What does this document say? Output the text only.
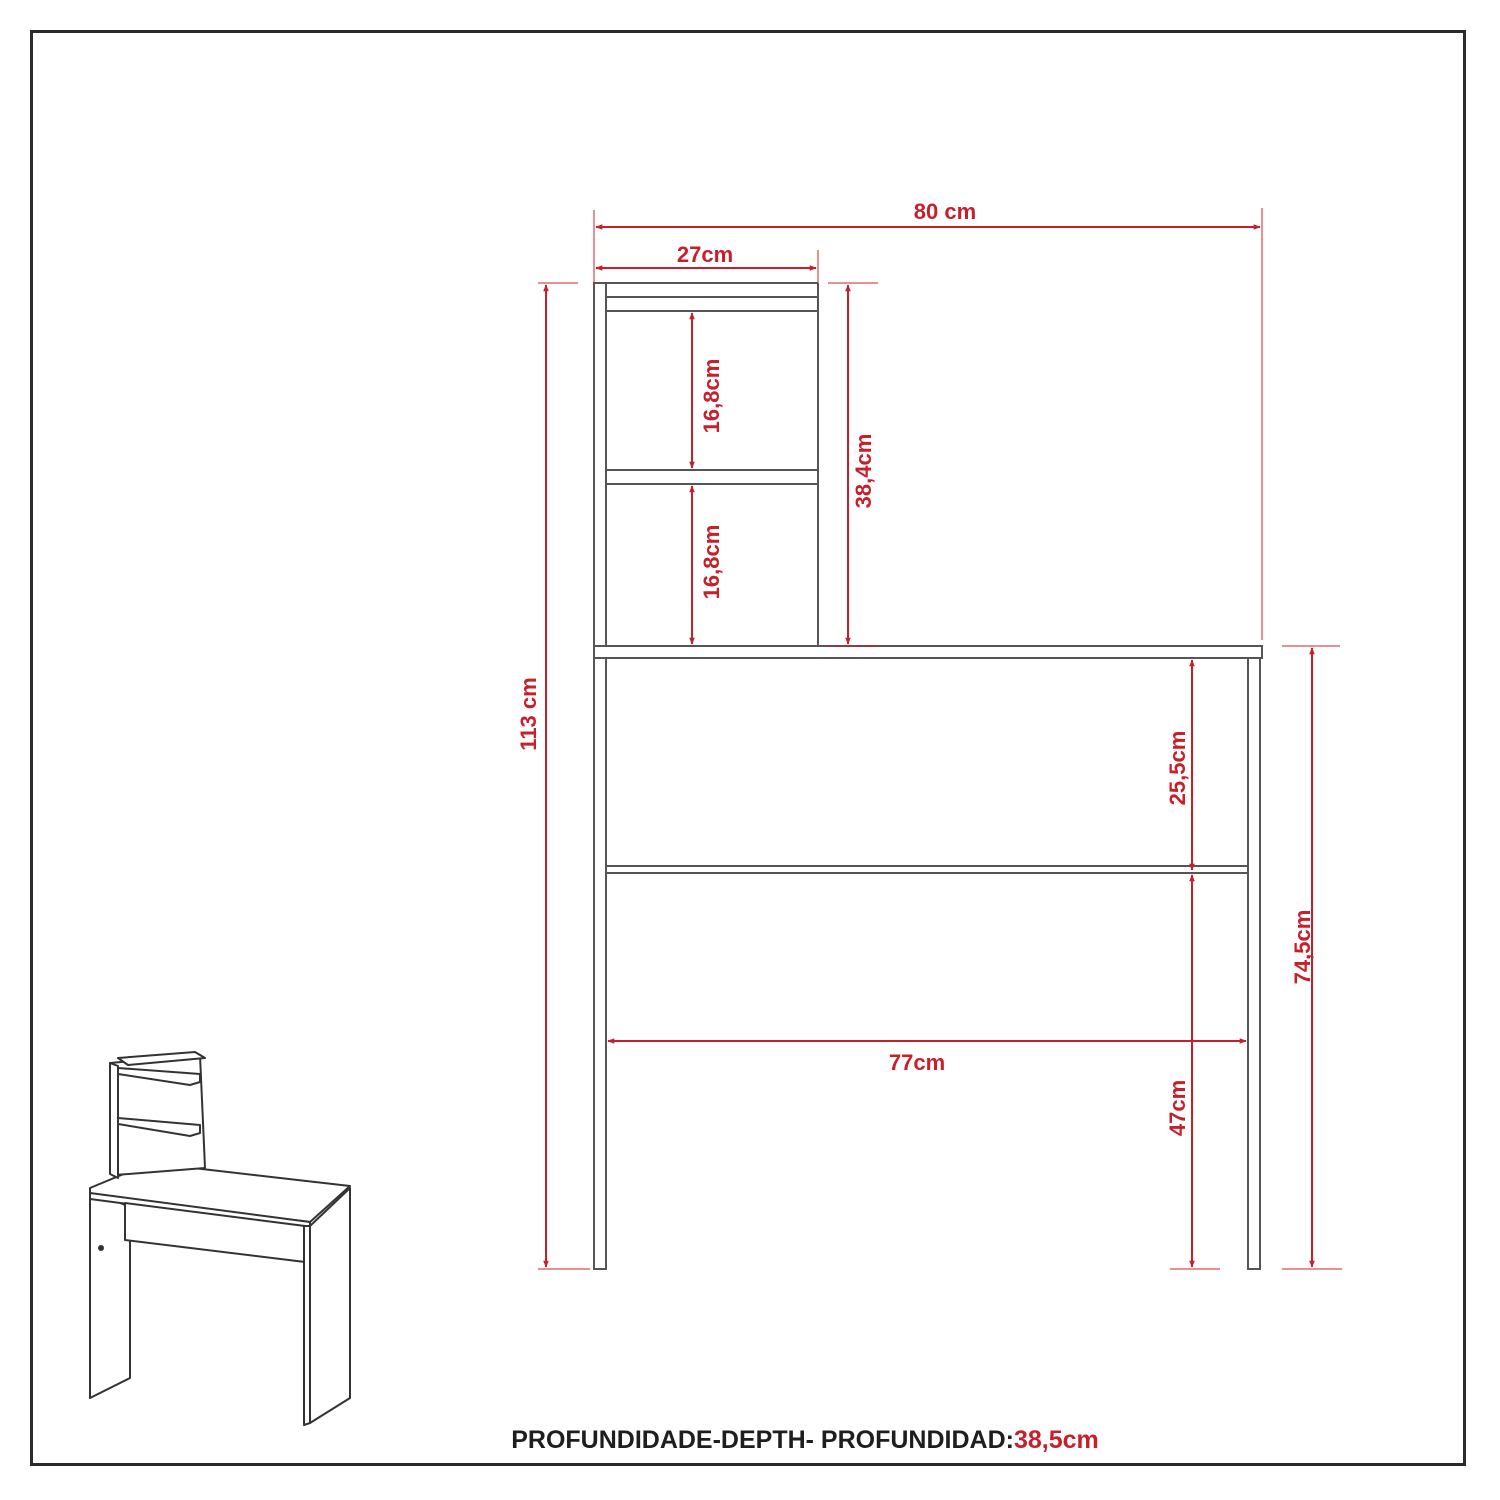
80 cm
27cm
113 cm
16,8cm
16,8cm
38,4cm
25,5cm
74,5cm
77cm
47cm
PROFUNDIDADE-DEPTH- PROFUNDIDAD:38,5cm
